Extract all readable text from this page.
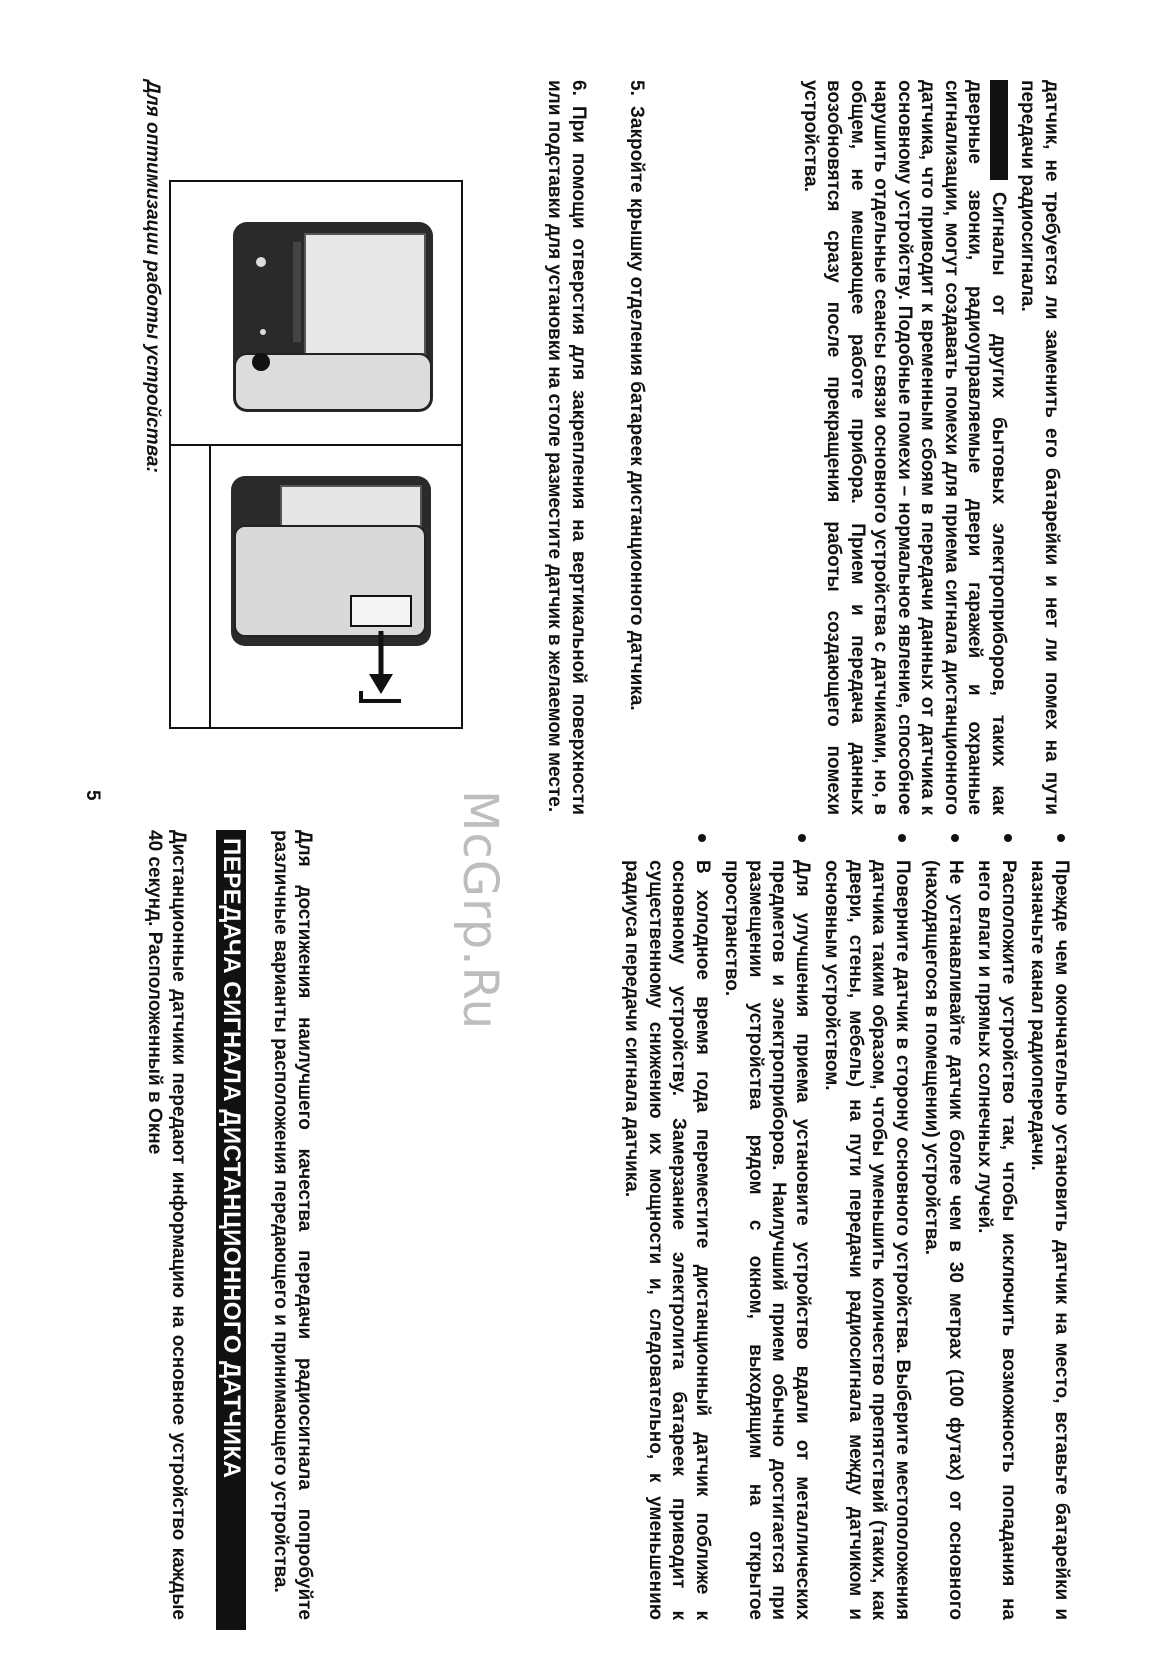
датчик, не требуется ли заменить его батарейки и нет ли помех на пути передачи радиосигнала.

Сигналы от других бытовых электроприборов, таких как дверные звонки, радиоуправляемые двери гаражей и охранные сигнализации, могут создавать помехи для приема сигнала дистанционного датчика, что приводит к временным сбоям в передачи данных от датчика к основному устройству. Подобные помехи – нормальное явление, способное нарушить отдельные сеансы связи основного устройства с датчиками, но, в общем, не мешающее работе прибора. Прием и передача данных возобновятся сразу после прекращения работы создающего помехи устройства.

5.Закройте крышку отделения батареек дистанционного датчика.
6.При помощи отверстия для закрепления на вертикальной поверхности или подставки для установки на столе разместите датчик в желаемом месте.
Для оптимизации работы устройства:
5	McGrp.Ru	Прежде чем окончательно установить датчик на место, вставьте батарейки и назначьте канал радиопередачи.
Расположите устройство так, чтобы исключить возможность попадания на него влаги и прямых солнечных лучей.
Не устанавливайте датчик более чем в 30 метрах (100 футах) от основного (находящегося в помещении) устройства.
Поверните датчик в сторону основного устройства. Выберите местоположения датчика таким образом, чтобы уменьшить количество препятствий (таких, как двери, стены, мебель) на пути передачи радиосигнала между датчиком и основным устройством.
Для улучшения приема установите устройство вдали от металлических предметов и электроприборов. Наилучший прием обычно достигается при размещении устройства рядом с окном, выходящим на открытое пространство.
В холодное время года переместите дистанционный датчик поближе к основному устройству. Замерзание электролита батареек приводит к существенному снижению их мощности и, следовательно, к уменьшению радиуса передачи сигнала датчика.

Для достижения наилучшего качества передачи радиосигнала попробуйте различные варианты расположения передающего и принимающего устройства.

ПЕРЕДАЧА СИГНАЛА ДИСТАНЦИОННОГО ДАТЧИКА

Дистанционные датчики передают информацию на основное устройство каждые 40 секунд. Расположенный в Окне
